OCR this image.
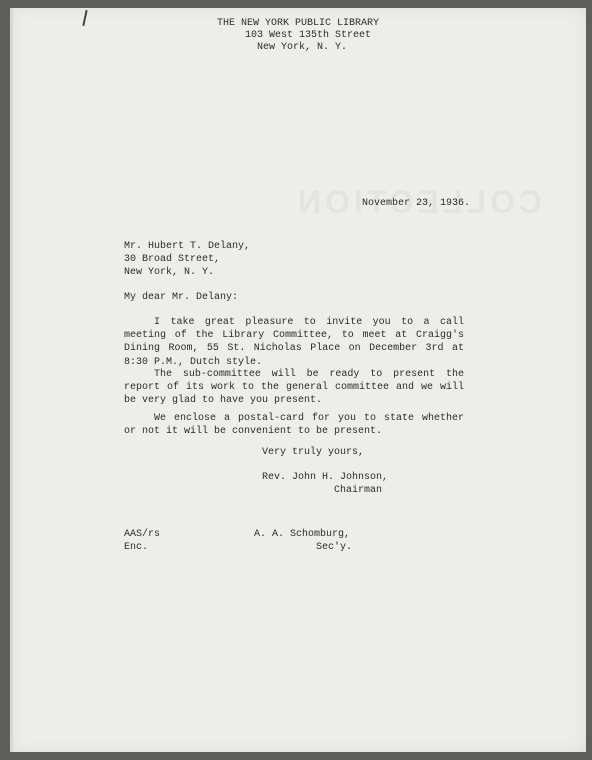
THE NEW YORK PUBLIC LIBRARY
103 West 135th Street
New York, N. Y.
November 23, 1936.
Mr. Hubert T. Delany,
30 Broad Street,
New York, N. Y.
My dear Mr. Delany:

I take great pleasure to invite you to a call meeting of the Library Committee, to meet at Craigg's Dining Room, 55 St. Nicholas Place on December 3rd at 8:30 P.M., Dutch style.

The sub-committee will be ready to present the report of its work to the general committee and we will be very glad to have you present.

We enclose a postal-card for you to state whether or not it will be convenient to be present.

Very truly yours,
Rev. John H. Johnson,
Chairman
AAS/rs
Enc.
A. A. Schomburg,
Sec'y.
